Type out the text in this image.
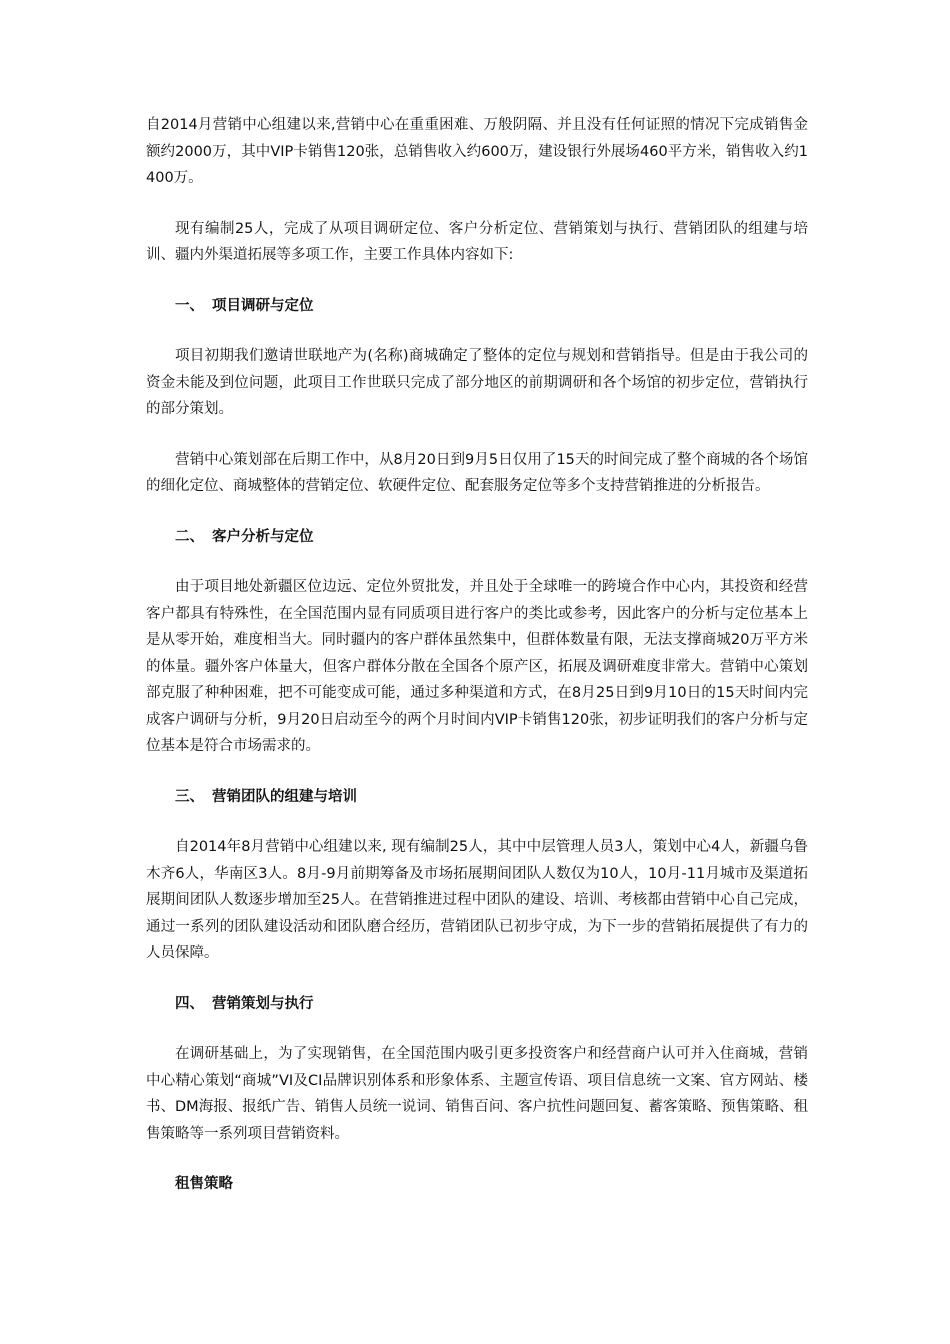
自2014月营销中心组建以来,营销中心在重重困难、万般阴隔、并且没有任何证照的情况下完成销售金额约2000万，其中VIP卡销售120张，总销售收入约600万，建设银行外展场460平方米，销售收入约1400万。

现有编制25人，完成了从项目调研定位、客户分析定位、营销策划与执行、营销团队的组建与培训、疆内外渠道拓展等多项工作，主要工作具体内容如下:

一、 项目调研与定位

项目初期我们邀请世联地产为(名称)商城确定了整体的定位与规划和营销指导。但是由于我公司的资金未能及到位问题，此项目工作世联只完成了部分地区的前期调研和各个场馆的初步定位，营销执行的部分策划。

营销中心策划部在后期工作中，从8月20日到9月5日仅用了15天的时间完成了整个商城的各个场馆的细化定位、商城整体的营销定位、软硬件定位、配套服务定位等多个支持营销推进的分析报告。

二、 客户分析与定位

由于项目地处新疆区位边远、定位外贸批发，并且处于全球唯一的跨境合作中心内，其投资和经营客户都具有特殊性，在全国范围内显有同质项目进行客户的类比或参考，因此客户的分析与定位基本上是从零开始，难度相当大。同时疆内的客户群体虽然集中，但群体数量有限，无法支撑商城20万平方米的体量。疆外客户体量大，但客户群体分散在全国各个原产区，拓展及调研难度非常大。营销中心策划部克服了种种困难，把不可能变成可能，通过多种渠道和方式，在8月25日到9月10日的15天时间内完成客户调研与分析，9月20日启动至今的两个月时间内VIP卡销售120张，初步证明我们的客户分析与定位基本是符合市场需求的。

三、 营销团队的组建与培训

自2014年8月营销中心组建以来, 现有编制25人，其中中层管理人员3人，策划中心4人，新疆乌鲁木齐6人，华南区3人。8月-9月前期筹备及市场拓展期间团队人数仅为10人，10月-11月城市及渠道拓展期间团队人数逐步增加至25人。在营销推进过程中团队的建设、培训、考核都由营销中心自己完成，通过一系列的团队建设活动和团队磨合经历，营销团队已初步守成，为下一步的营销拓展提供了有力的人员保障。

四、 营销策划与执行

在调研基础上，为了实现销售，在全国范围内吸引更多投资客户和经营商户认可并入住商城，营销中心精心策划“商城”VI及CI品牌识别体系和形象体系、主题宣传语、项目信息统一文案、官方网站、楼书、DM海报、报纸广告、销售人员统一说词、销售百问、客户抗性问题回复、蓄客策略、预售策略、租售策略等一系列项目营销资料。

租售策略
